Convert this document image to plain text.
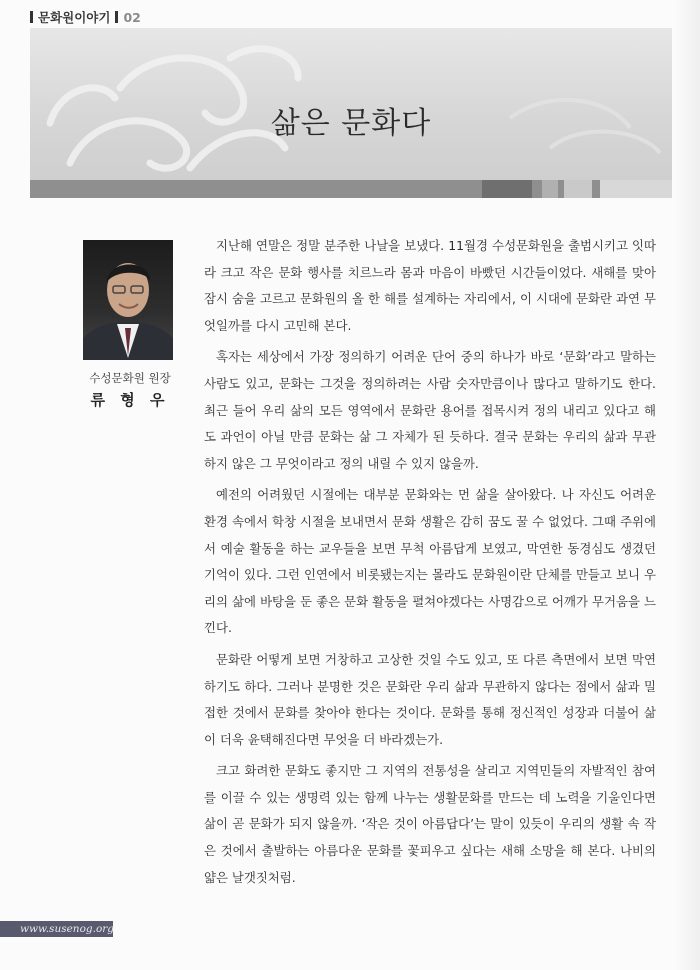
문화원이야기 02
삶은 문화다
수성문화원 원장
류 형 우

지난해 연말은 정말 분주한 나날을 보냈다. 11월경 수성문화원을 출범시키고 잇따라 크고 작은 문화 행사를 치르느라 몸과 마음이 바빴던 시간들이었다. 새해를 맞아 잠시 숨을 고르고 문화원의 올 한 해를 설계하는 자리에서, 이 시대에 문화란 과연 무엇일까를 다시 고민해 본다.

혹자는 세상에서 가장 정의하기 어려운 단어 중의 하나가 바로 ‘문화’라고 말하는 사람도 있고, 문화는 그것을 정의하려는 사람 숫자만큼이나 많다고 말하기도 한다. 최근 들어 우리 삶의 모든 영역에서 문화란 용어를 접목시켜 정의 내리고 있다고 해도 과언이 아닐 만큼 문화는 삶 그 자체가 된 듯하다. 결국 문화는 우리의 삶과 무관하지 않은 그 무엇이라고 정의 내릴 수 있지 않을까.

예전의 어려웠던 시절에는 대부분 문화와는 먼 삶을 살아왔다. 나 자신도 어려운 환경 속에서 학창 시절을 보내면서 문화 생활은 감히 꿈도 꿀 수 없었다. 그때 주위에서 예술 활동을 하는 교우들을 보면 무척 아름답게 보였고, 막연한 동경심도 생겼던 기억이 있다. 그런 인연에서 비롯됐는지는 몰라도 문화원이란 단체를 만들고 보니 우리의 삶에 바탕을 둔 좋은 문화 활동을 펼쳐야겠다는 사명감으로 어깨가 무거움을 느낀다.

문화란 어떻게 보면 거창하고 고상한 것일 수도 있고, 또 다른 측면에서 보면 막연하기도 하다. 그러나 분명한 것은 문화란 우리 삶과 무관하지 않다는 점에서 삶과 밀접한 것에서 문화를 찾아야 한다는 것이다. 문화를 통해 정신적인 성장과 더불어 삶이 더욱 윤택해진다면 무엇을 더 바라겠는가.

크고 화려한 문화도 좋지만 그 지역의 전통성을 살리고 지역민들의 자발적인 참여를 이끌 수 있는 생명력 있는 함께 나누는 생활문화를 만드는 데 노력을 기울인다면 삶이 곧 문화가 되지 않을까. ‘작은 것이 아름답다’는 말이 있듯이 우리의 생활 속 작은 것에서 출발하는 아름다운 문화를 꽃피우고 싶다는 새해 소망을 해 본다. 나비의 얇은 날갯짓처럼.

www.susenog.org
